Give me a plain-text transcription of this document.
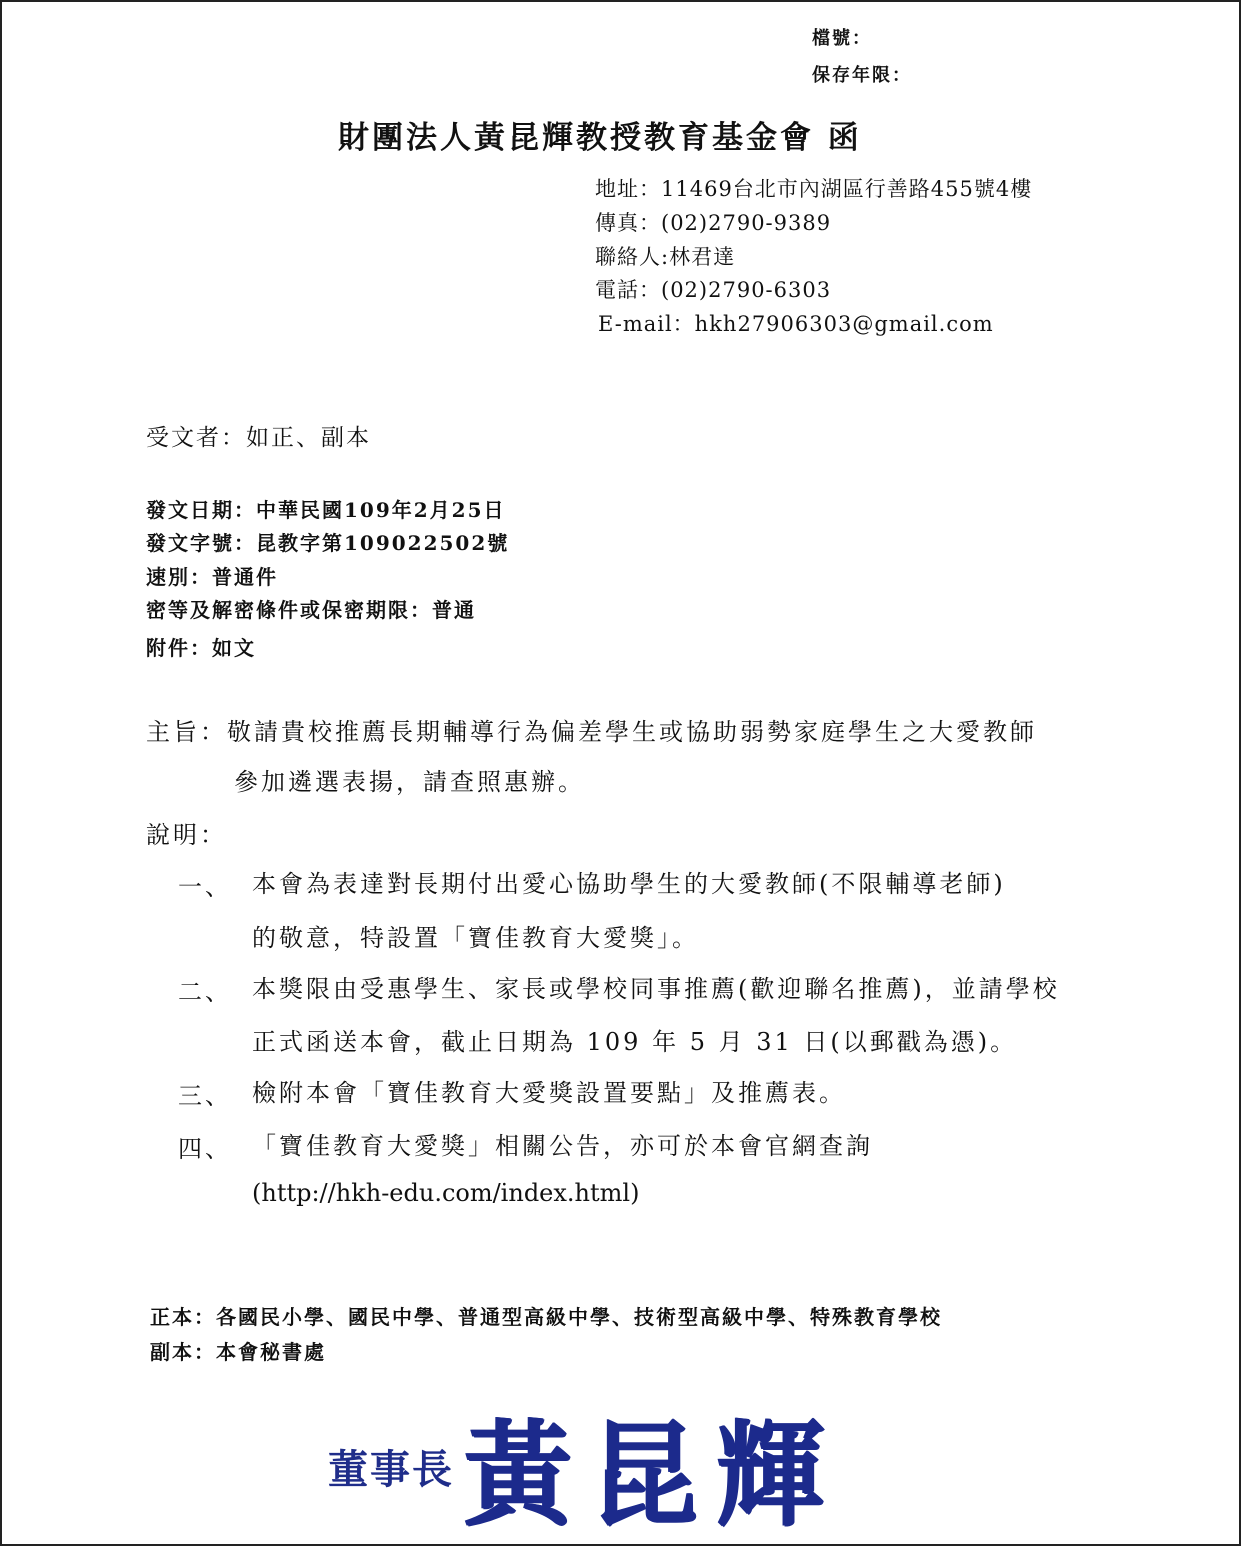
檔號：
保存年限：
財團法人黃昆輝教授教育基金會 函
地址：11469台北市內湖區行善路455號4樓
傳真：(02)2790-9389
聯絡人:林君達
電話：(02)2790-6303
E-mail：hkh27906303@gmail.com
受文者：如正、副本
發文日期：中華民國109年2月25日
發文字號：昆教字第109022502號
速別：普通件
密等及解密條件或保密期限：普通
附件：如文
主旨：敬請貴校推薦長期輔導行為偏差學生或協助弱勢家庭學生之大愛教師
參加遴選表揚，請查照惠辦。
說明：
一、 本會為表達對長期付出愛心協助學生的大愛教師(不限輔導老師)
的敬意，特設置「寶佳教育大愛獎」。
二、 本獎限由受惠學生、家長或學校同事推薦(歡迎聯名推薦)，並請學校
正式函送本會，截止日期為 109 年 5 月 31 日(以郵戳為憑)。
三、 檢附本會「寶佳教育大愛獎設置要點」及推薦表。
四、 「寶佳教育大愛獎」相關公告，亦可於本會官網查詢
(http://hkh-edu.com/index.html)
正本：各國民小學、國民中學、普通型高級中學、技術型高級中學、特殊教育學校
副本：本會秘書處
董事長 黃昆輝
